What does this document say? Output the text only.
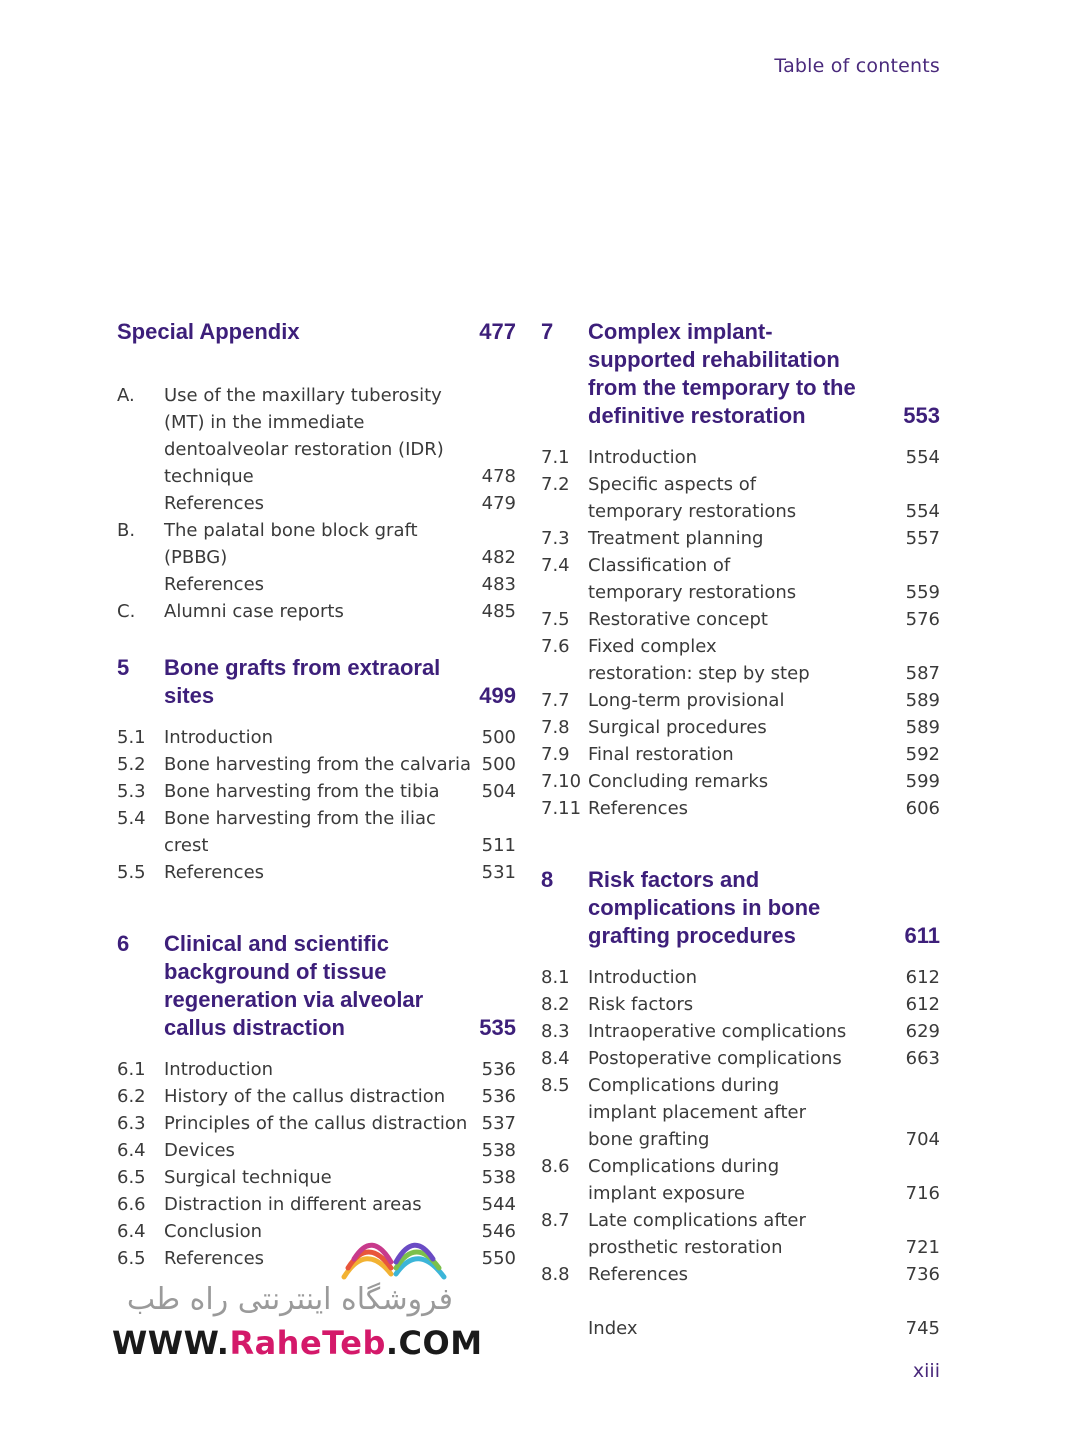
Table of contents
Special Appendix	477
A.	Use of the maxillary tuberosity (MT) in the immediate dentoalveolar restoration (IDR) technique	478
References	479
B.	The palatal bone block graft (PBBG)	482
References	483
C.	Alumni case reports	485
5	Bone grafts from extraoral sites	499
5.1	Introduction	500
5.2	Bone harvesting from the calvaria 500
5.3	Bone harvesting from the tibia	504
5.4	Bone harvesting from the iliac crest	511
5.5	References	531
6	Clinical and scientific background of tissue regeneration via alveolar callus distraction	535
6.1	Introduction	536
6.2	History of the callus distraction	536
6.3	Principles of the callus distraction 537
6.4	Devices	538
6.5	Surgical technique	538
6.6	Distraction in different areas	544
6.4	Conclusion	546
6.5	References	550
7	Complex implant-supported rehabilitation from the temporary to the definitive restoration	553
7.1	Introduction	554
7.2	Specific aspects of temporary restorations	554
7.3	Treatment planning	557
7.4	Classification of temporary restorations	559
7.5	Restorative concept	576
7.6	Fixed complex restoration: step by step	587
7.7	Long-term provisional	589
7.8	Surgical procedures	589
7.9	Final restoration	592
7.10 Concluding remarks	599
7.11 References	606
8	Risk factors and complications in bone grafting procedures	611
8.1	Introduction	612
8.2	Risk factors	612
8.3	Intraoperative complications	629
8.4	Postoperative complications	663
8.5	Complications during implant placement after bone grafting	704
8.6	Complications during implant exposure	716
8.7	Late complications after prosthetic restoration	721
8.8	References	736
Index	745
فروشگاه اینترنتی راه طب
WWW.RaheTeb.COM
xiii
